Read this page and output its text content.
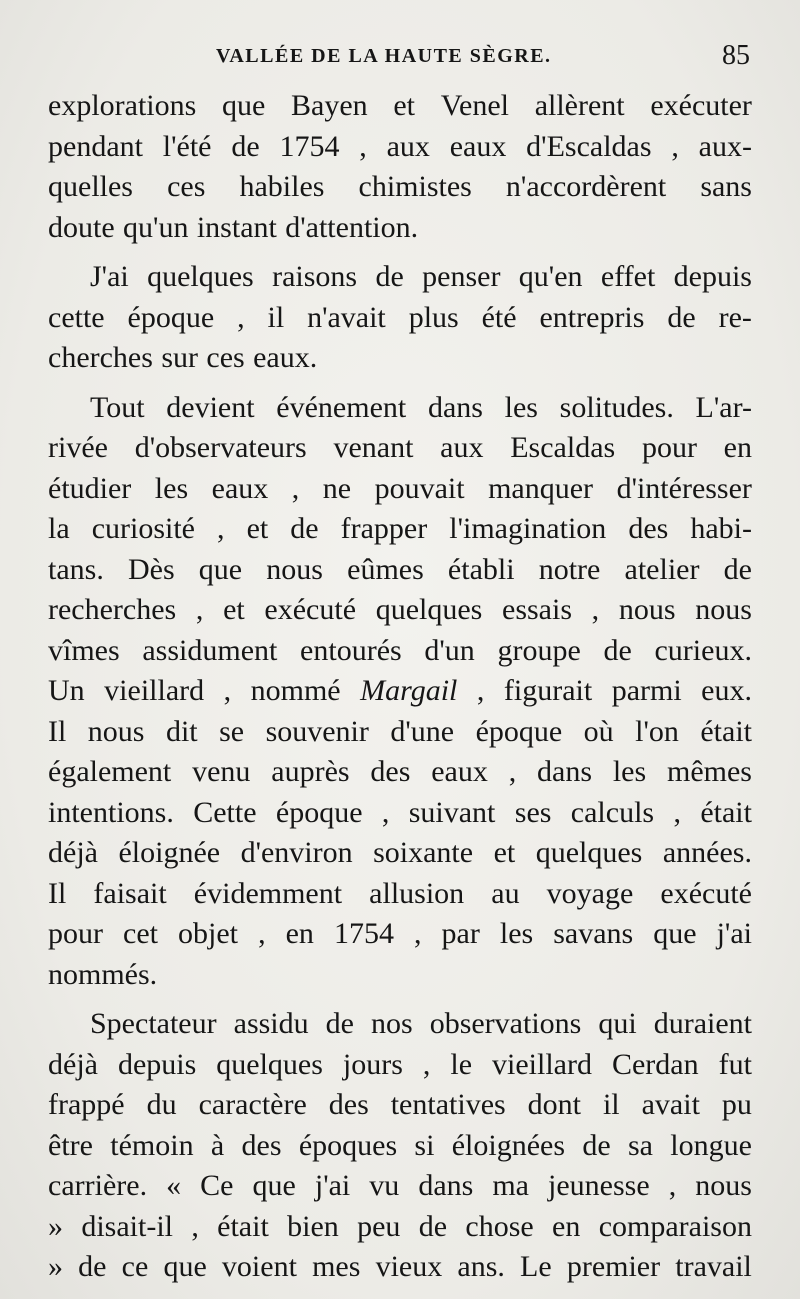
VALLÉE DE LA HAUTE SÈGRE.	85
explorations que Bayen et Venel allèrent exécuter
pendant l'été de 1754 , aux eaux d'Escaldas , aux-
quelles ces habiles chimistes n'accordèrent sans
doute qu'un instant d'attention.
J'ai quelques raisons de penser qu'en effet depuis
cette époque , il n'avait plus été entrepris de re-
cherches sur ces eaux.
Tout devient événement dans les solitudes. L'ar-
rivée d'observateurs venant aux Escaldas pour en
étudier les eaux , ne pouvait manquer d'intéresser
la curiosité , et de frapper l'imagination des habi-
tans. Dès que nous eûmes établi notre atelier de
recherches , et exécuté quelques essais , nous nous
vîmes assidument entourés d'un groupe de curieux.
Un vieillard , nommé Margail , figurait parmi eux.
Il nous dit se souvenir d'une époque où l'on était
également venu auprès des eaux , dans les mêmes
intentions. Cette époque , suivant ses calculs , était
déjà éloignée d'environ soixante et quelques années.
Il faisait évidemment allusion au voyage exécuté
pour cet objet , en 1754 , par les savans que j'ai
nommés.
Spectateur assidu de nos observations qui duraient
déjà depuis quelques jours , le vieillard Cerdan fut
frappé du caractère des tentatives dont il avait pu
être témoin à des époques si éloignées de sa longue
carrière. « Ce que j'ai vu dans ma jeunesse , nous
» disait-il , était bien peu de chose en comparaison
» de ce que voient mes vieux ans. Le premier travail
